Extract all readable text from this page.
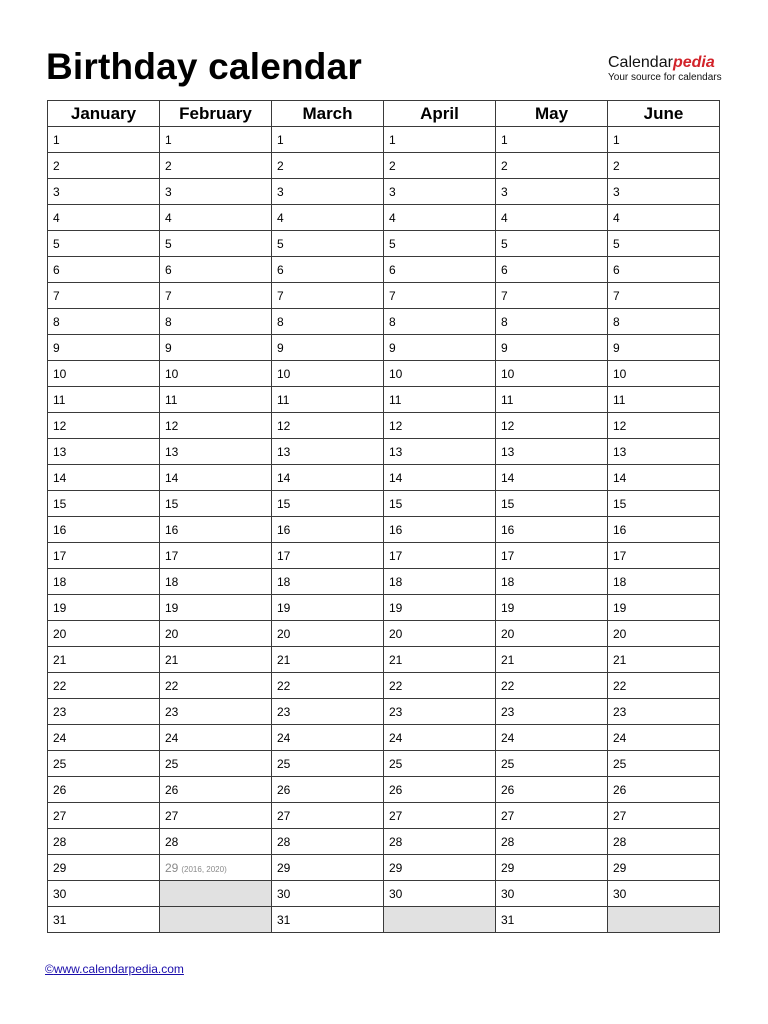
Birthday calendar	Calendarpedia
Your source for calendars
January	February	March	April	May	June
1	1	1	1	1	1
2	2	2	2	2	2
3	3	3	3	3	3
4	4	4	4	4	4
5	5	5	5	5	5
6	6	6	6	6	6
7	7	7	7	7	7
8	8	8	8	8	8
9	9	9	9	9	9
10	10	10	10	10	10
11	11	11	11	11	11
12	12	12	12	12	12
13	13	13	13	13	13
14	14	14	14	14	14
15	15	15	15	15	15
16	16	16	16	16	16
17	17	17	17	17	17
18	18	18	18	18	18
19	19	19	19	19	19
20	20	20	20	20	20
21	21	21	21	21	21
22	22	22	22	22	22
23	23	23	23	23	23
24	24	24	24	24	24
25	25	25	25	25	25
26	26	26	26	26	26
27	27	27	27	27	27
28	28	28	28	28	28
29	29 (2016, 2020)	29	29	29	29
30		30	30	30	30
31		31		31	
©www.calendarpedia.com
